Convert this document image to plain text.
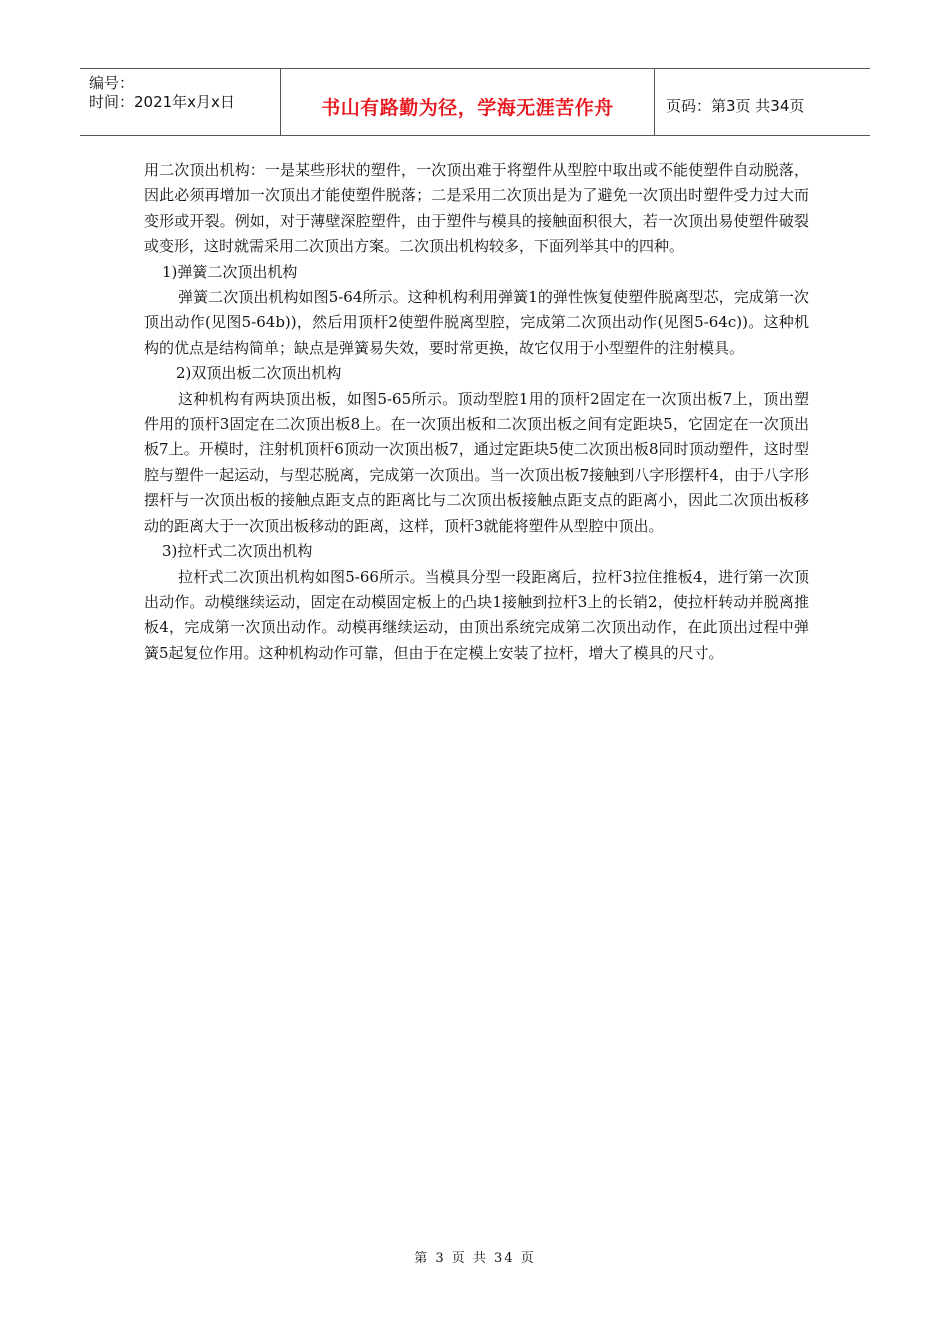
编号：
时间：2021年x月x日	书山有路勤为径，学海无涯苦作舟	页码：第3页 共34页

用二次顶出机构：一是某些形状的塑件，一次顶出难于将塑件从型腔中取出或不能使塑件自动脱落，因此必须再增加一次顶出才能使塑件脱落；二是采用二次顶出是为了避免一次顶出时塑件受力过大而变形或开裂。例如，对于薄壁深腔塑件，由于塑件与模具的接触面积很大，若一次顶出易使塑件破裂或变形，这时就需采用二次顶出方案。二次顶出机构较多，下面列举其中的四种。

1)弹簧二次顶出机构

弹簧二次顶出机构如图5-64所示。这种机构利用弹簧1的弹性恢复使塑件脱离型芯，完成第一次顶出动作(见图5-64b))，然后用顶杆2使塑件脱离型腔，完成第二次顶出动作(见图5-64c))。这种机构的优点是结构简单；缺点是弹簧易失效，要时常更换，故它仅用于小型塑件的注射模具。

2)双顶出板二次顶出机构

这种机构有两块顶出板，如图5-65所示。顶动型腔1用的顶杆2固定在一次顶出板7上，顶出塑件用的顶杆3固定在二次顶出板8上。在一次顶出板和二次顶出板之间有定距块5，它固定在一次顶出板7上。开模时，注射机顶杆6顶动一次顶出板7，通过定距块5使二次顶出板8同时顶动塑件，这时型腔与塑件一起运动，与型芯脱离，完成第一次顶出。当一次顶出板7接触到八字形摆杆4，由于八字形摆杆与一次顶出板的接触点距支点的距离比与二次顶出板接触点距支点的距离小，因此二次顶出板移动的距离大于一次顶出板移动的距离，这样，顶杆3就能将塑件从型腔中顶出。

3)拉杆式二次顶出机构

拉杆式二次顶出机构如图5-66所示。当模具分型一段距离后，拉杆3拉住推板4，进行第一次顶出动作。动模继续运动，固定在动模固定板上的凸块1接触到拉杆3上的长销2，使拉杆转动并脱离推板4，完成第一次顶出动作。动模再继续运动，由顶出系统完成第二次顶出动作，在此顶出过程中弹簧5起复位作用。这种机构动作可靠，但由于在定模上安装了拉杆，增大了模具的尺寸。

第 3 页 共 34 页
